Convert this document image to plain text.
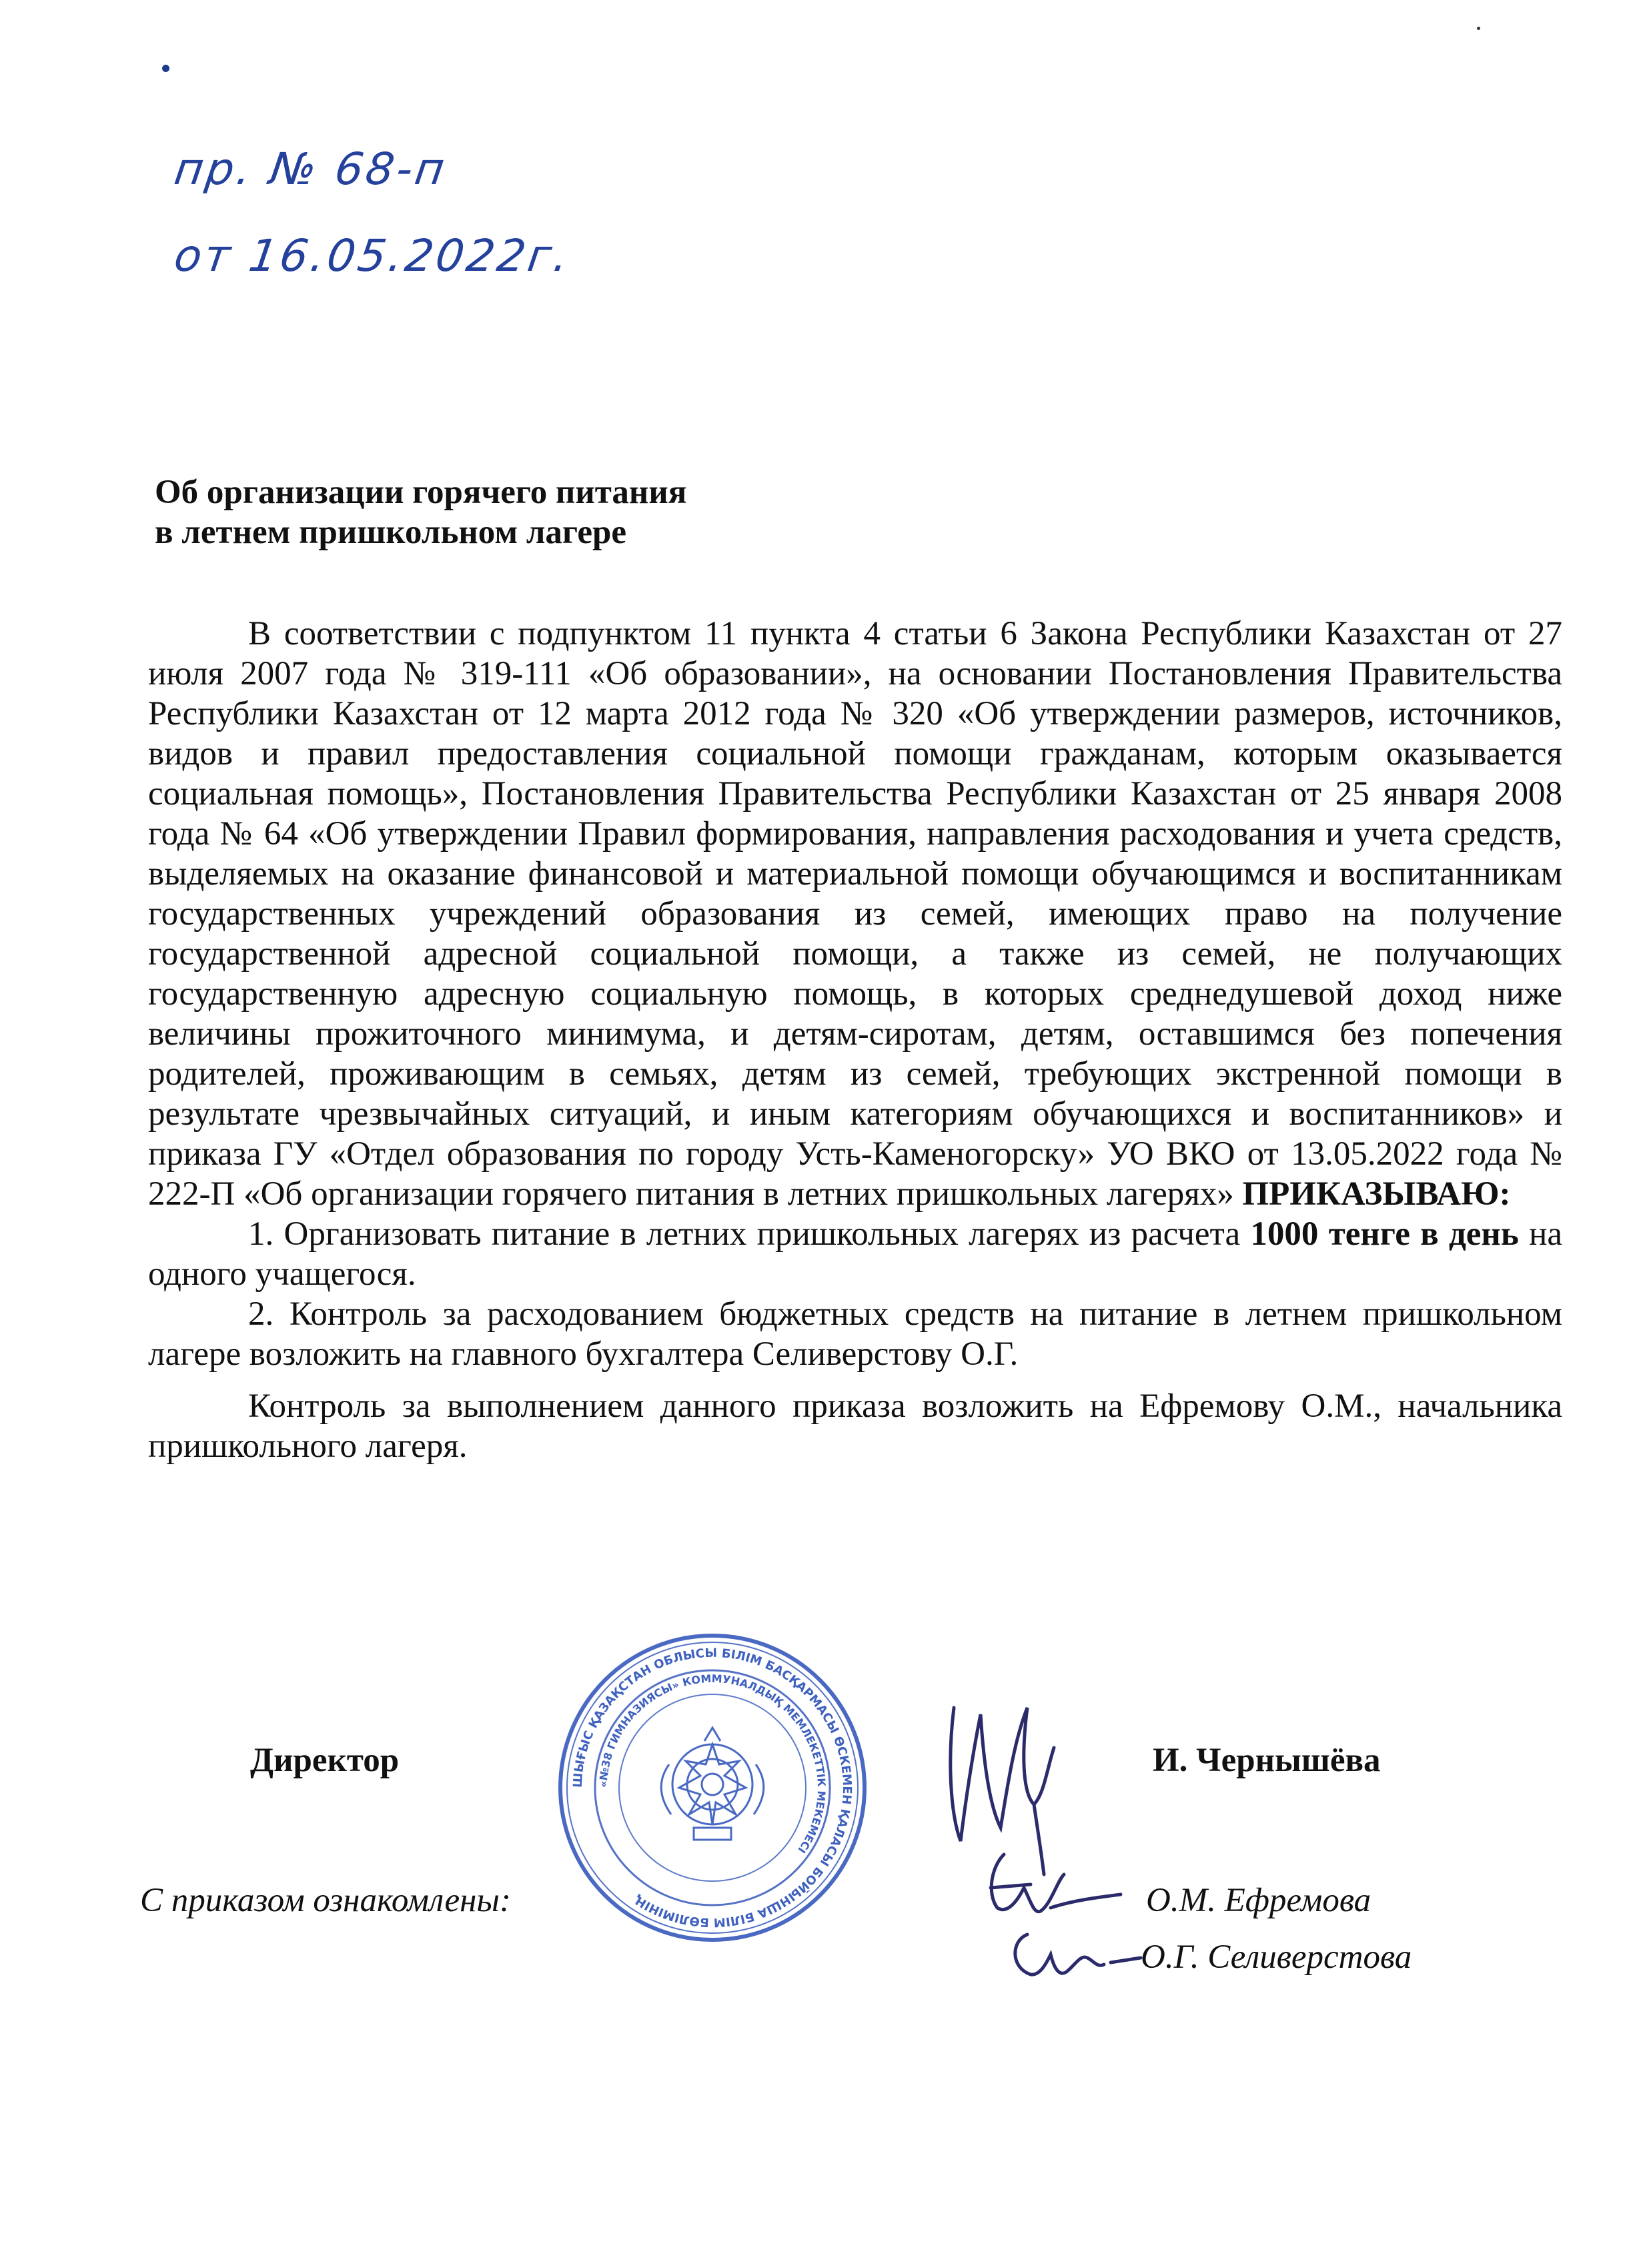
пр. № 68-п
от 16.05.2022г.
Об организации горячего питания
в летнем пришкольном лагере

В соответствии с подпунктом 11 пункта 4 статьи 6 Закона Республики Казахстан от 27 июля 2007 года № 319-111 «Об образовании», на основании Постановления Правительства Республики Казахстан от 12 марта 2012 года № 320 «Об утверждении размеров, источников, видов и правил предоставления социальной помощи гражданам, которым оказывается социальная помощь», Постановления Правительства Республики Казахстан от 25 января 2008 года № 64 «Об утверждении Правил формирования, направления расходования и учета средств, выделяемых на оказание финансовой и материальной помощи обучающимся и воспитанникам государственных учреждений образования из семей, имеющих право на получение государственной адресной социальной помощи, а также из семей, не получающих государственную адресную социальную помощь, в которых среднедушевой доход ниже величины прожиточного минимума, и детям-сиротам, детям, оставшимся без попечения родителей, проживающим в семьях, детям из семей, требующих экстренной помощи в результате чрезвычайных ситуаций, и иным категориям обучающихся и воспитанников» и приказа ГУ «Отдел образования по городу Усть-Каменогорску» УО ВКО от 13.05.2022 года № 222-П «Об организации горячего питания в летних пришкольных лагерях» ПРИКАЗЫВАЮ:

1. Организовать питание в летних пришкольных лагерях из расчета 1000 тенге в день на одного учащегося.

2. Контроль за расходованием бюджетных средств на питание в летнем пришкольном лагере возложить на главного бухгалтера Селиверстову О.Г.

Контроль за выполнением данного приказа возложить на Ефремову О.М., начальника пришкольного лагеря.

Директор	И. Чернышёва
С приказом ознакомлены:	О.М. Ефремова
О.Г. Селиверстова
ШЫҒЫС ҚАЗАҚСТАН ОБЛЫСЫ БІЛІМ БАСҚАРМАСЫ ӨСКЕМЕН ҚАЛАСЫ БОЙЫНША БІЛІМ БӨЛІМІНІҢ
«№38 ГИМНАЗИЯСЫ» КОММУНАЛДЫҚ МЕМЛЕКЕТТІК МЕКЕМЕСІ
